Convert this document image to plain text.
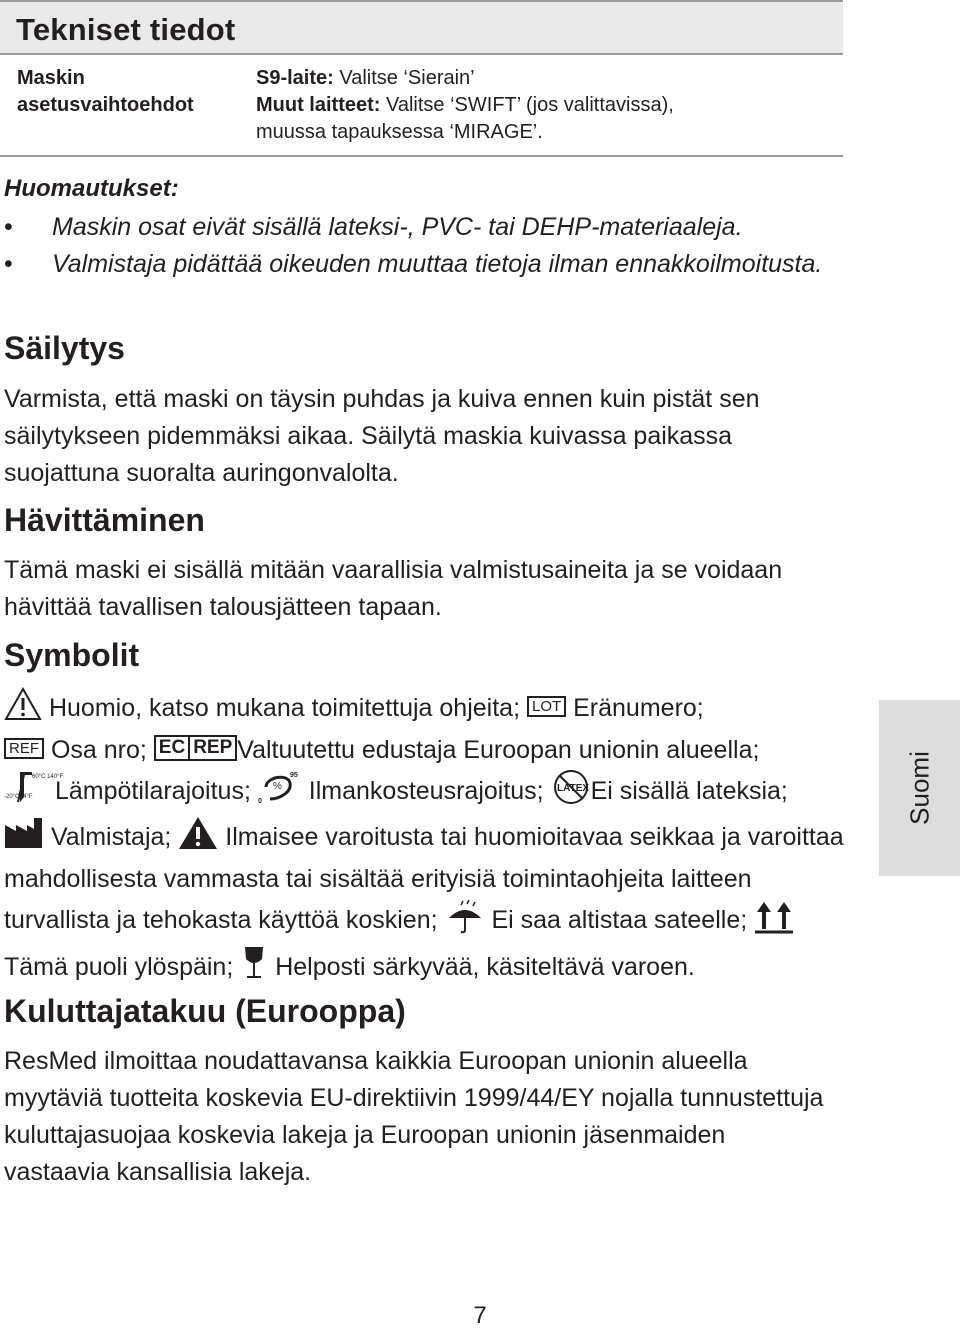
Tekniset tiedot
Maskin asetusvaihtoehdot
S9-laite: Valitse ‘Sierain’
Muut laitteet: Valitse ‘SWIFT’ (jos valittavissa),
muussa tapauksessa ‘MIRAGE’.
Huomautukset:
• Maskin osat eivät sisällä lateksi-, PVC- tai DEHP-materiaaleja.
• Valmistaja pidättää oikeuden muuttaa tietoja ilman ennakkoilmoitusta.
Säilytys

Varmista, että maski on täysin puhdas ja kuiva ennen kuin pistät sen säilytykseen pidemmäksi aikaa. Säilytä maskia kuivassa paikassa suojattuna suoralta auringonvalolta.

Hävittäminen

Tämä maski ei sisällä mitään vaarallisia valmistusaineita ja se voidaan hävittää tavallisen talousjätteen tapaan.

Symbolit
Huomio, katso mukana toimitettuja ohjeita; LOT Eränumero;
REF Osa nro; EC REP Valtuutettu edustaja Euroopan unionin alueella;

60°C 140°F
-20°C -4°F Lämpötilarajoitus;
95
0
% Ilmankosteusrajoitus; LATEX Ei sisällä lateksia;
Valmistaja; Ilmaisee varoitusta tai huomioitavaa seikkaa ja varoittaa mahdollisesta vammasta tai sisältää erityisiä toimintaohjeita laitteen turvallista ja tehokasta käyttöä koskien; Ei saa altistaa sateelle;  Tämä puoli ylöspäin; Helposti särkyvää, käsiteltävä varoen.
Kuluttajatakuu (Eurooppa)

ResMed ilmoittaa noudattavansa kaikkia Euroopan unionin alueella myytäviä tuotteita koskevia EU-direktiivin 1999/44/EY nojalla tunnustettuja kuluttajasuojaa koskevia lakeja ja Euroopan unionin jäsenmaiden vastaavia kansallisia lakeja.

Suomi
7
